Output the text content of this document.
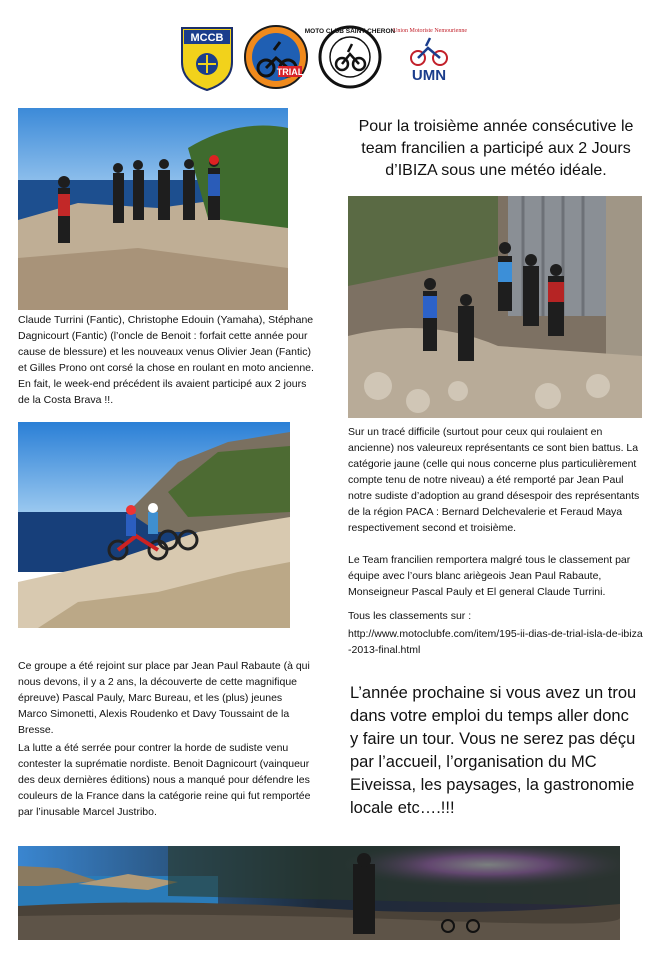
MCCB
TRIAL
MOTO CLUB SAINT CHERON
Union Motoriste Nemourienne
UMN
Pour la troisième année consécutive le team francilien a participé aux 2 Jours d’IBIZA sous une météo idéale.
Claude Turrini (Fantic), Christophe Edouin (Yamaha), Stéphane Dagnicourt (Fantic) (l’oncle de Benoit : forfait cette année pour cause de blessure) et les nouveaux venus Olivier Jean (Fantic) et Gilles Prono ont corsé la chose en roulant en moto ancienne. En fait, le week-end précédent ils avaient participé aux 2 jours de la Costa Brava !!.
Ce groupe a été rejoint sur place par Jean Paul Rabaute (à qui nous devons, il y a 2 ans, la découverte de cette magnifique épreuve) Pascal Pauly, Marc Bureau, et les (plus) jeunes Marco Simonetti, Alexis Roudenko et Davy Toussaint de la Bresse.
La lutte a été serrée pour contrer la horde de sudiste venu contester la suprématie nordiste. Benoit Dagnicourt (vainqueur des deux dernières éditions) nous a manqué pour défendre les couleurs de la France dans la catégorie reine qui fut remportée par l’inusable Marcel Justribo.
Sur un tracé difficile (surtout pour ceux qui roulaient en ancienne) nos valeureux représentants ce sont bien battus. La catégorie jaune (celle qui nous concerne plus particulièrement compte tenu de notre niveau) a été remporté par Jean Paul notre sudiste d’adoption au grand désespoir des représentants de la région PACA : Bernard Delchevalerie et Feraud Maya respectivement second et troisième.
Le Team francilien remportera malgré tous le classement par équipe avec l’ours blanc ariègeois Jean Paul Rabaute, Monseigneur Pascal Pauly et El general Claude Turrini.
Tous les classements sur :
http://www.motoclubfe.com/item/195-ii-dias-de-trial-isla-de-ibiza-2013-final.html
L’année prochaine si vous avez un trou dans votre emploi du temps aller donc y faire un tour. Vous ne serez pas déçu par l’accueil, l’organisation du MC Eiveissa, les paysages, la gastronomie locale etc….!!!
